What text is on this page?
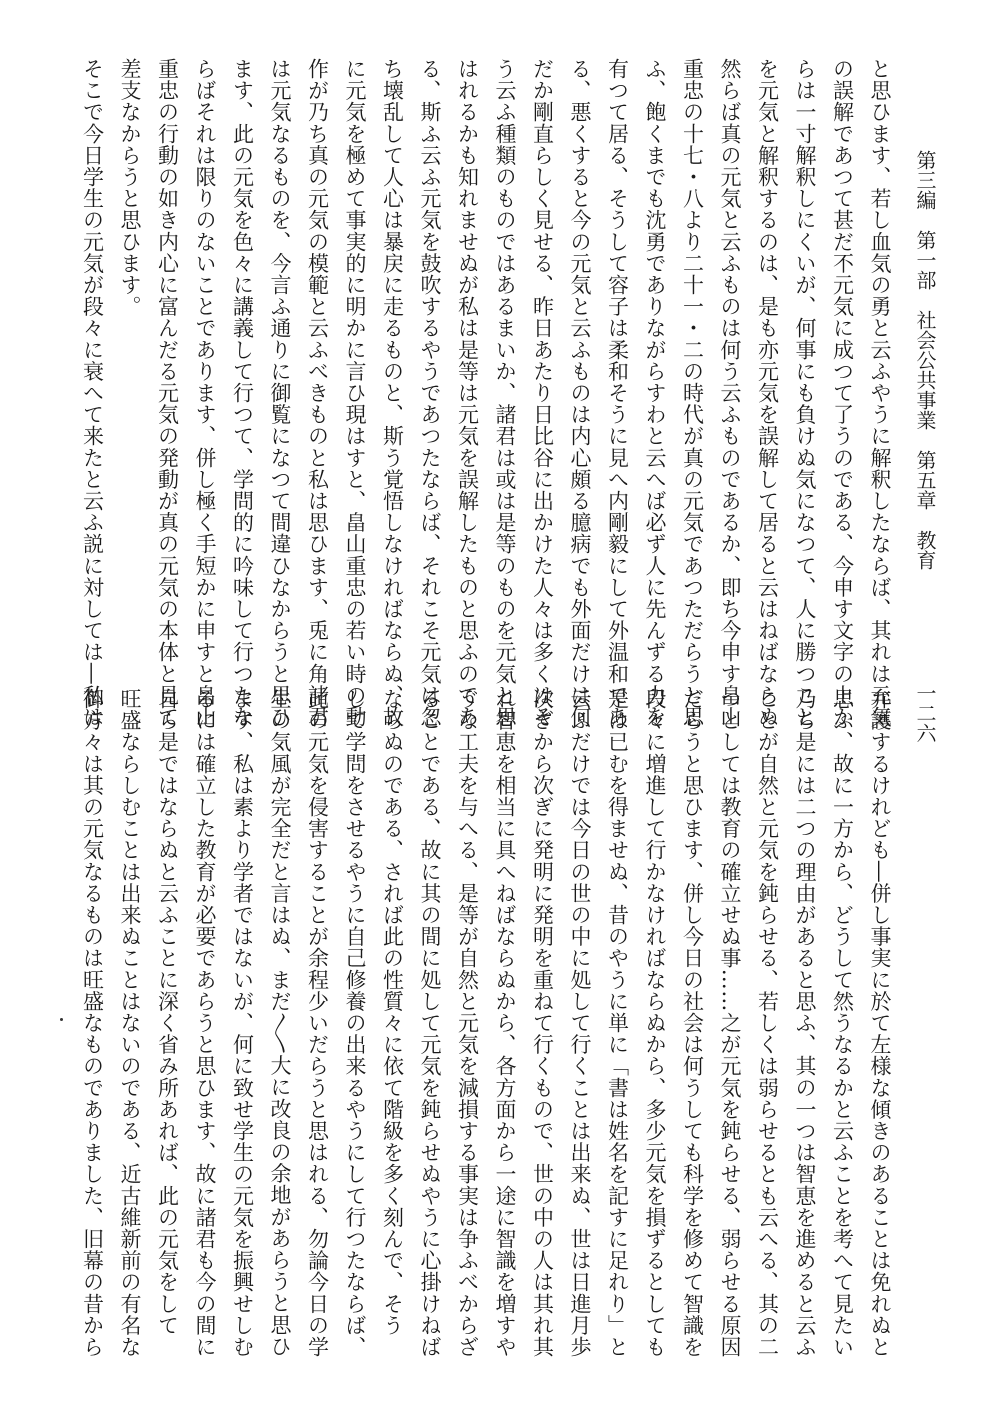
第三編　第一部　社会公共事業　第五章　教育
一二六
と思ひます、若し血気の勇と云ふやうに解釈したならば、其れは元気
の誤解であつて甚だ不元気に成つて了うのである、今申す文字の上か
らは一寸解釈しにくいが、何事にも負けぬ気になつて、人に勝つこと
を元気と解釈するのは、是も亦元気を誤解して居ると云はねばならぬ
然らば真の元気と云ふものは何う云ふものであるか、即ち今申す畠山
重忠の十七・八より二十一・二の時代が真の元気であつただらうと思
ふ、飽くまでも沈勇でありながらすわと云へば必ず人に先んずる力を
有つて居る、そうして容子は柔和そうに見へ内剛毅にして外温和であ
る、悪くすると今の元気と云ふものは内心頗る臆病でも外面だけは何
だか剛直らしく見せる、昨日あたり日比谷に出かけた人々は多くはそ
う云ふ種類のものではあるまいか、諸君は或は是等のものを元気と思
はれるかも知れませぬが私は是等は元気を誤解したものと思ふのであ
る、斯ふ云ふ元気を鼓吹するやうであつたならば、それこそ元気は忽
ち壊乱して人心は暴戻に走るものと、斯う覚悟しなければならぬ、故
に元気を極めて事実的に明かに言ひ現はすと、畠山重忠の若い時の動
作が乃ち真の元気の模範と云ふべきものと私は思ひます、兎に角諸君
は元気なるものを、今言ふ通りに御覧になつて間違ひなからうと思ひ
ます、此の元気を色々に講義して行つて、学問的に吟味して行つたな
らばそれは限りのないことであります、併し極く手短かに申すと畠山
重忠の行動の如き内心に富んだる元気の発動が真の元気の本体と見て
差支なからうと思ひます。
そこで今日学生の元気が段々に衰へて来たと云ふ説に対しては―私は
弁護するけれども―併し事実に於て左様な傾きのあることは免れぬと
思ふ、故に一方から、どうして然うなるかと云ふことを考へて見たい
乃ち是には二つの理由があると思ふ、其の一つは智恵を進めると云ふ
ことが自然と元気を鈍らせる、若しくは弱らせるとも云へる、其の二
つとしては教育の確立せぬ事……之が元気を鈍らせる、弱らせる原因
だらうと思ひます、併し今日の社会は何うしても科学を修めて智識を
段々に増進して行かなければならぬから、多少元気を損ずるとしても
是は已むを得ませぬ、昔のやうに単に「書は姓名を記すに足れり」と
云ふだけでは今日の世の中に処して行くことは出来ぬ、世は日進月歩
次ぎから次ぎに発明に発明を重ねて行くもので、世の中の人は其れ其
れ智恵を相当に具へねばならぬから、各方面から一途に智識を増すや
うな工夫を与へる、是等が自然と元気を減損する事実は争ふべからざ
ることである、故に其の間に処して元気を鈍らせぬやうに心掛けねば
ならぬのである、されば此の性質々に依て階級を多く刻んで、そう
して学問をさせるやうに自己修養の出来るやうにして行つたならば、
此の元気を侵害することが余程少いだらうと思はれる、勿論今日の学
生の気風が完全だと言はぬ、まだ〳〵大に改良の余地があらうと思ひ
ます、私は素より学者ではないが、何に致せ学生の元気を振興せしむ
るには確立した教育が必要であらうと思ひます、故に諸君も今の間に
自ら是ではならぬと云ふことに深く省み所あれば、此の元気をして
旺盛ならしむことは出来ぬことはないのである、近古維新前の有名な
御方々は其の元気なるものは旺盛なものでありました、旧幕の昔から
